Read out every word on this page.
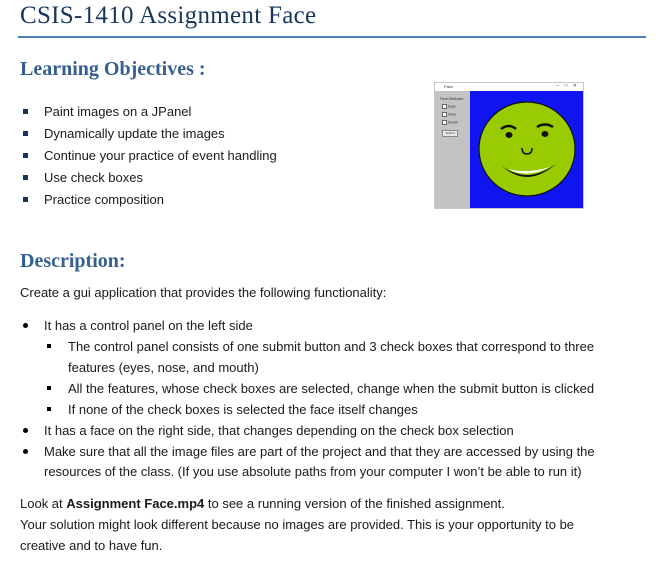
CSIS-1410 Assignment Face
Learning Objectives :
Paint images on a JPanel
Dynamically update the images
Continue your practice of event handling
Use check boxes
Practice composition
Face	– □ ✕
Face Attributes
Eyes
Nose
Mouth
Submit
Description:

Create a gui application that provides the following functionality:

It has a control panel on the left side
The control panel consists of one submit button and 3 check boxes that correspond to three features (eyes, nose, and mouth)
All the features, whose check boxes are selected, change when the submit button is clicked
If none of the check boxes is selected the face itself changes
It has a face on the right side, that changes depending on the check box selection
Make sure that all the image files are part of the project and that they are accessed by using the resources of the class. (If you use absolute paths from your computer I won’t be able to run it)

Look at Assignment Face.mp4 to see a running version of the finished assignment.

Your solution might look different because no images are provided. This is your opportunity to be creative and to have fun.
